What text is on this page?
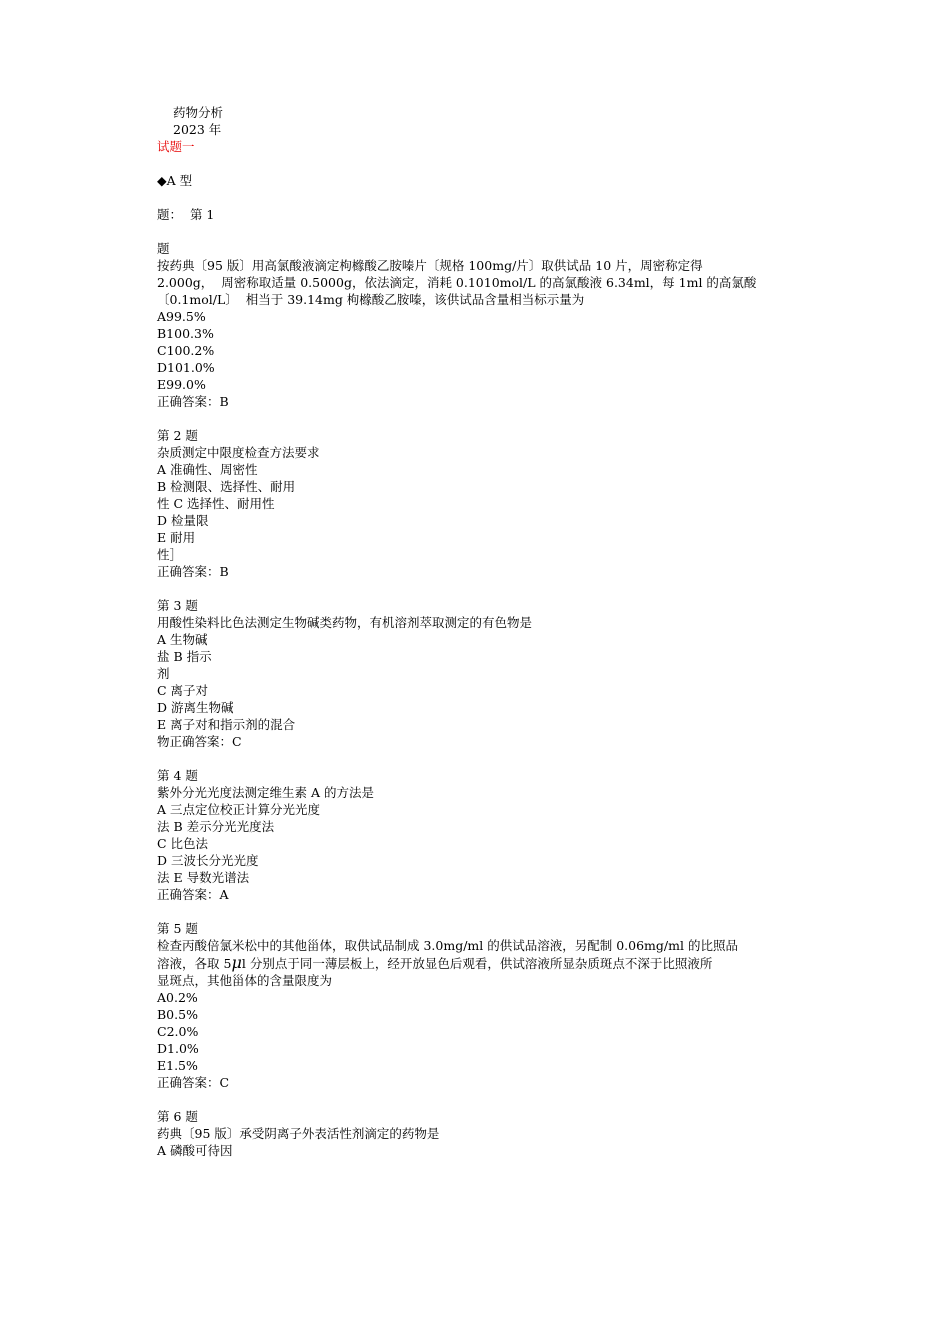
药物分析
2023 年
试题一
◆A 型
题：  第 1
题
按药典〔95 版〕用高氯酸液滴定枸橼酸乙胺嗪片〔规格 100mg/片〕取供试品 10 片，周密称定得
2.000g，  周密称取适量 0.5000g，依法滴定，消耗 0.1010mol/L 的高氯酸液 6.34ml，每 1ml 的高氯酸
〔0.1mol/L〕  相当于 39.14mg 枸橼酸乙胺嗪，该供试品含量相当标示量为
A99.5%
B100.3%
C100.2%
D101.0%
E99.0%
正确答案：B
第 2 题
杂质测定中限度检查方法要求
A 准确性、周密性
B 检测限、选择性、耐用
性 C 选择性、耐用性
D 检量限
E 耐用
性］
正确答案：B
第 3 题
用酸性染料比色法测定生物碱类药物，有机溶剂萃取测定的有色物是
A 生物碱
盐 B 指示
剂
C 离子对
D 游离生物碱
E 离子对和指示剂的混合
物正确答案：C
第 4 题
紫外分光光度法测定维生素 A 的方法是
A 三点定位校正计算分光光度
法 B 差示分光光度法
C 比色法
D 三波长分光光度
法 E 导数光谱法
正确答案：A
第 5 题
检查丙酸倍氯米松中的其他甾体，取供试品制成 3.0mg/ml 的供试品溶液，另配制 0.06mg/ml 的比照品
溶液，各取 5μl 分别点于同一薄层板上，经开放显色后观看，供试溶液所显杂质斑点不深于比照液所
显斑点，其他甾体的含量限度为
A0.2%
B0.5%
C2.0%
D1.0%
E1.5%
正确答案：C
第 6 题
药典〔95 版〕承受阴离子外表活性剂滴定的药物是
A 磷酸可待因
